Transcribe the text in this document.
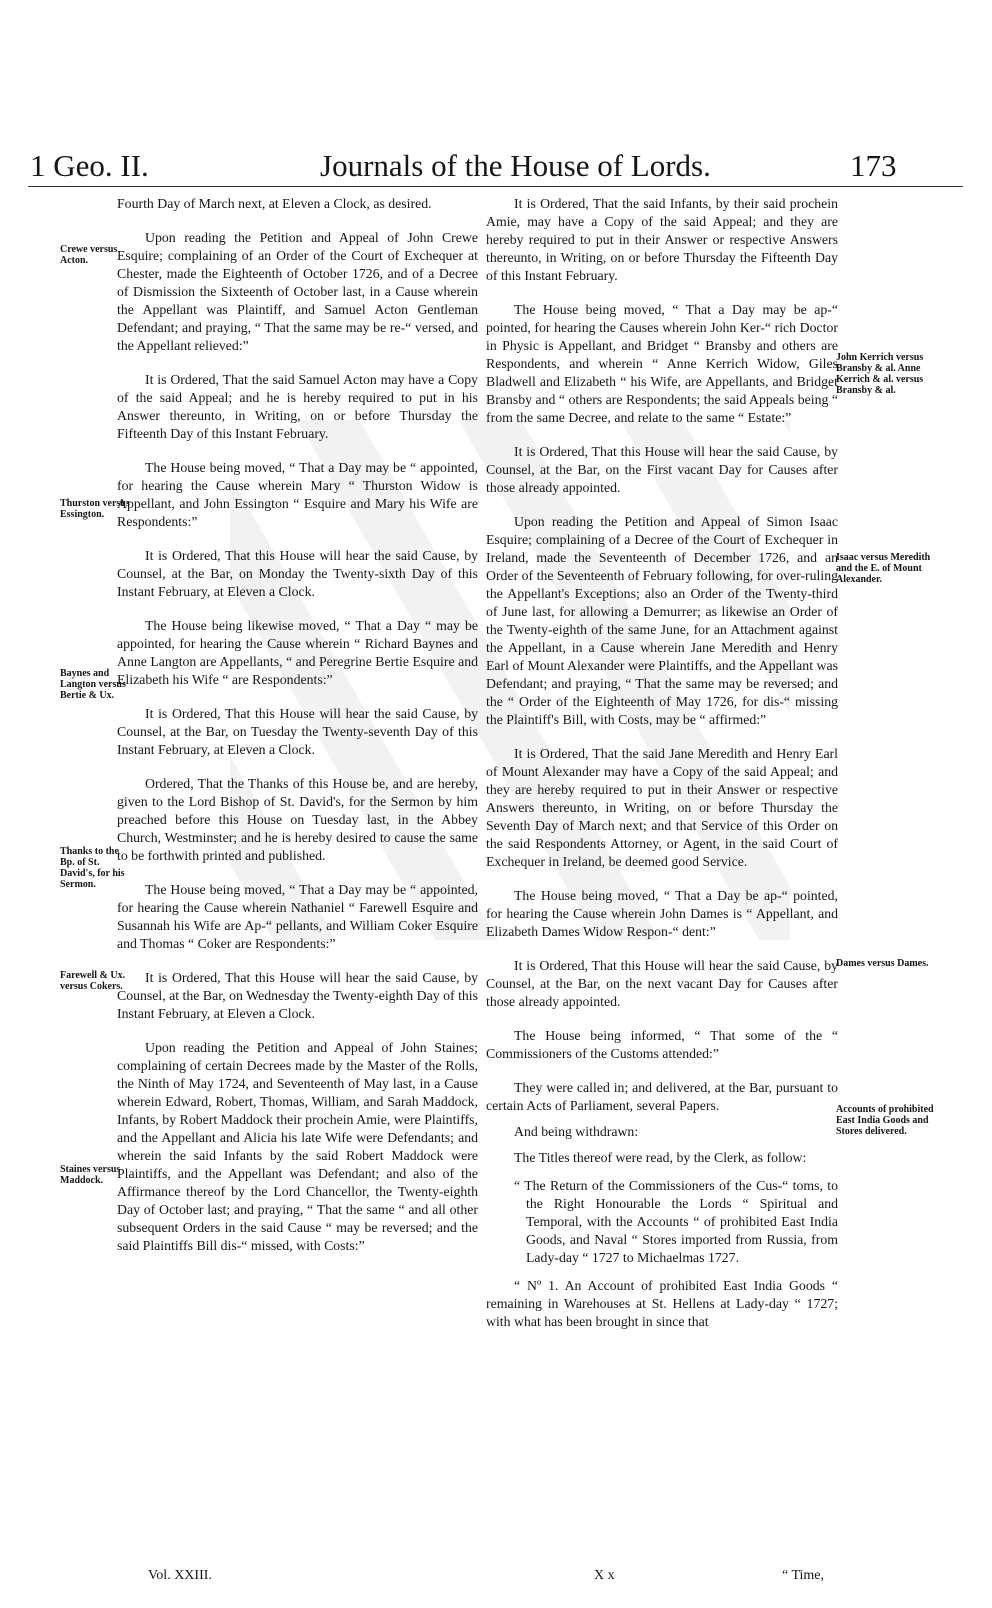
1 Geo. II.	Journals of the House of Lords.	173

Fourth Day of March next, at Eleven a Clock, as desired.

Upon reading the Petition and Appeal of John Crewe Esquire; complaining of an Order of the Court of Exchequer at Chester, made the Eighteenth of October 1726, and of a Decree of Dismission the Sixteenth of October last, in a Cause wherein the Appellant was Plaintiff, and Samuel Acton Gentleman Defendant; and praying, “ That the same may be re-“ versed, and the Appellant relieved:”

It is Ordered, That the said Samuel Acton may have a Copy of the said Appeal; and he is hereby required to put in his Answer thereunto, in Writing, on or before Thursday the Fifteenth Day of this Instant February.

The House being moved, “ That a Day may be “ appointed, for hearing the Cause wherein Mary “ Thurston Widow is Appellant, and John Essington “ Esquire and Mary his Wife are Respondents:”

It is Ordered, That this House will hear the said Cause, by Counsel, at the Bar, on Monday the Twenty-sixth Day of this Instant February, at Eleven a Clock.

The House being likewise moved, “ That a Day “ may be appointed, for hearing the Cause wherein “ Richard Baynes and Anne Langton are Appellants, “ and Peregrine Bertie Esquire and Elizabeth his Wife “ are Respondents:”

It is Ordered, That this House will hear the said Cause, by Counsel, at the Bar, on Tuesday the Twenty-seventh Day of this Instant February, at Eleven a Clock.

Ordered, That the Thanks of this House be, and are hereby, given to the Lord Bishop of St. David's, for the Sermon by him preached before this House on Tuesday last, in the Abbey Church, Westminster; and he is hereby desired to cause the same to be forthwith printed and published.

The House being moved, “ That a Day may be “ appointed, for hearing the Cause wherein Nathaniel “ Farewell Esquire and Susannah his Wife are Ap-“ pellants, and William Coker Esquire and Thomas “ Coker are Respondents:”

It is Ordered, That this House will hear the said Cause, by Counsel, at the Bar, on Wednesday the Twenty-eighth Day of this Instant February, at Eleven a Clock.

Upon reading the Petition and Appeal of John Staines; complaining of certain Decrees made by the Master of the Rolls, the Ninth of May 1724, and Seventeenth of May last, in a Cause wherein Edward, Robert, Thomas, William, and Sarah Maddock, Infants, by Robert Maddock their prochein Amie, were Plaintiffs, and the Appellant and Alicia his late Wife were Defendants; and wherein the said Infants by the said Robert Maddock were Plaintiffs, and the Appellant was Defendant; and also of the Affirmance thereof by the Lord Chancellor, the Twenty-eighth Day of October last; and praying, “ That the same “ and all other subsequent Orders in the said Cause “ may be reversed; and the said Plaintiffs Bill dis-“ missed, with Costs:”

Vol. XXIII.
Crewe versus Acton.
Thurston versus Essington.
Baynes and Langton versus Bertie & Ux.
Thanks to the Bp. of St. David's, for his Sermon.
Farewell & Ux. versus Cokers.
Staines versus Maddock.

It is Ordered, That the said Infants, by their said prochein Amie, may have a Copy of the said Appeal; and they are hereby required to put in their Answer or respective Answers thereunto, in Writing, on or before Thursday the Fifteenth Day of this Instant February.

The House being moved, “ That a Day may be ap-“ pointed, for hearing the Causes wherein John Ker-“ rich Doctor in Physic is Appellant, and Bridget “ Bransby and others are Respondents, and wherein “ Anne Kerrich Widow, Giles Bladwell and Elizabeth “ his Wife, are Appellants, and Bridget Bransby and “ others are Respondents; the said Appeals being “ from the same Decree, and relate to the same “ Estate:”

It is Ordered, That this House will hear the said Cause, by Counsel, at the Bar, on the First vacant Day for Causes after those already appointed.

Upon reading the Petition and Appeal of Simon Isaac Esquire; complaining of a Decree of the Court of Exchequer in Ireland, made the Seventeenth of December 1726, and an Order of the Seventeenth of February following, for over-ruling the Appellant's Exceptions; also an Order of the Twenty-third of June last, for allowing a Demurrer; as likewise an Order of the Twenty-eighth of the same June, for an Attachment against the Appellant, in a Cause wherein Jane Meredith and Henry Earl of Mount Alexander were Plaintiffs, and the Appellant was Defendant; and praying, “ That the same may be reversed; and the “ Order of the Eighteenth of May 1726, for dis-“ missing the Plaintiff's Bill, with Costs, may be “ affirmed:”

It is Ordered, That the said Jane Meredith and Henry Earl of Mount Alexander may have a Copy of the said Appeal; and they are hereby required to put in their Answer or respective Answers thereunto, in Writing, on or before Thursday the Seventh Day of March next; and that Service of this Order on the said Respondents Attorney, or Agent, in the said Court of Exchequer in Ireland, be deemed good Service.

The House being moved, “ That a Day be ap-“ pointed, for hearing the Cause wherein John Dames is “ Appellant, and Elizabeth Dames Widow Respon-“ dent:”

It is Ordered, That this House will hear the said Cause, by Counsel, at the Bar, on the next vacant Day for Causes after those already appointed.

The House being informed, “ That some of the “ Commissioners of the Customs attended:”

They were called in; and delivered, at the Bar, pursuant to certain Acts of Parliament, several Papers.

And being withdrawn:

The Titles thereof were read, by the Clerk, as follow:

“ The Return of the Commissioners of the Cus-“ toms, to the Right Honourable the Lords “ Spiritual and Temporal, with the Accounts “ of prohibited East India Goods, and Naval “ Stores imported from Russia, from Lady-day “ 1727 to Michaelmas 1727.

“ Nº 1. An Account of prohibited East India Goods “ remaining in Warehouses at St. Hellens at Lady-day “ 1727; with what has been brought in since that

X x	“ Time,
John Kerrich versus Bransby & al. Anne Kerrich & al. versus Bransby & al.
Isaac versus Meredith and the E. of Mount Alexander.
Dames versus Dames.
Accounts of prohibited East India Goods and Stores delivered.
